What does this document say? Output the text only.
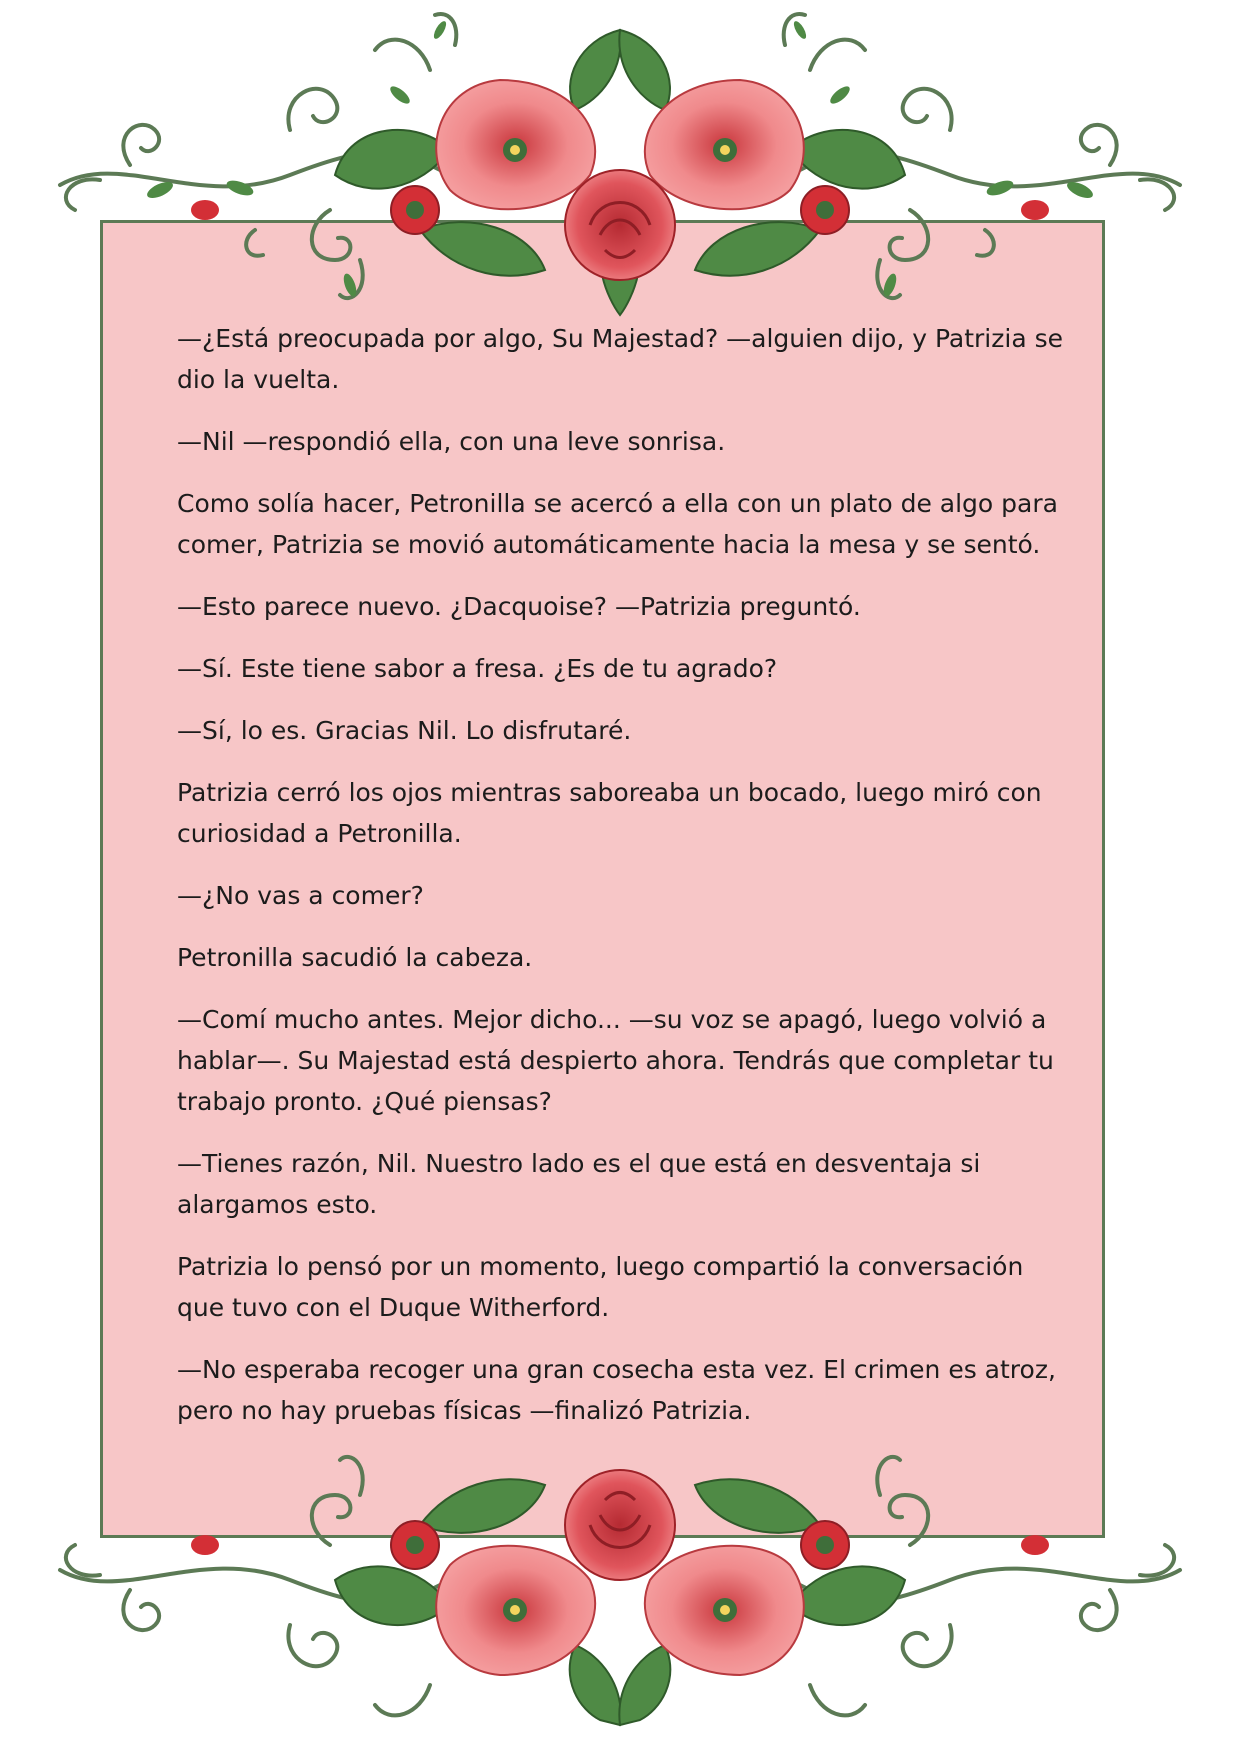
—¿Está preocupada por algo, Su Majestad? —alguien dijo, y Patrizia se dio la vuelta.

—Nil —respondió ella, con una leve sonrisa.

Como solía hacer, Petronilla se acercó a ella con un plato de algo para comer, Patrizia se movió automáticamente hacia la mesa y se sentó.

—Esto parece nuevo. ¿Dacquoise? —Patrizia preguntó.

—Sí. Este tiene sabor a fresa. ¿Es de tu agrado?

—Sí, lo es. Gracias Nil. Lo disfrutaré.

Patrizia cerró los ojos mientras saboreaba un bocado, luego miró con curiosidad a Petronilla.

—¿No vas a comer?

Petronilla sacudió la cabeza.

—Comí mucho antes. Mejor dicho... —su voz se apagó, luego volvió a hablar—. Su Majestad está despierto ahora. Tendrás que completar tu trabajo pronto. ¿Qué piensas?

—Tienes razón, Nil. Nuestro lado es el que está en desventaja si alargamos esto.

Patrizia lo pensó por un momento, luego compartió la conversación que tuvo con el Duque Witherford.

—No esperaba recoger una gran cosecha esta vez. El crimen es atroz, pero no hay pruebas físicas —finalizó Patrizia.
